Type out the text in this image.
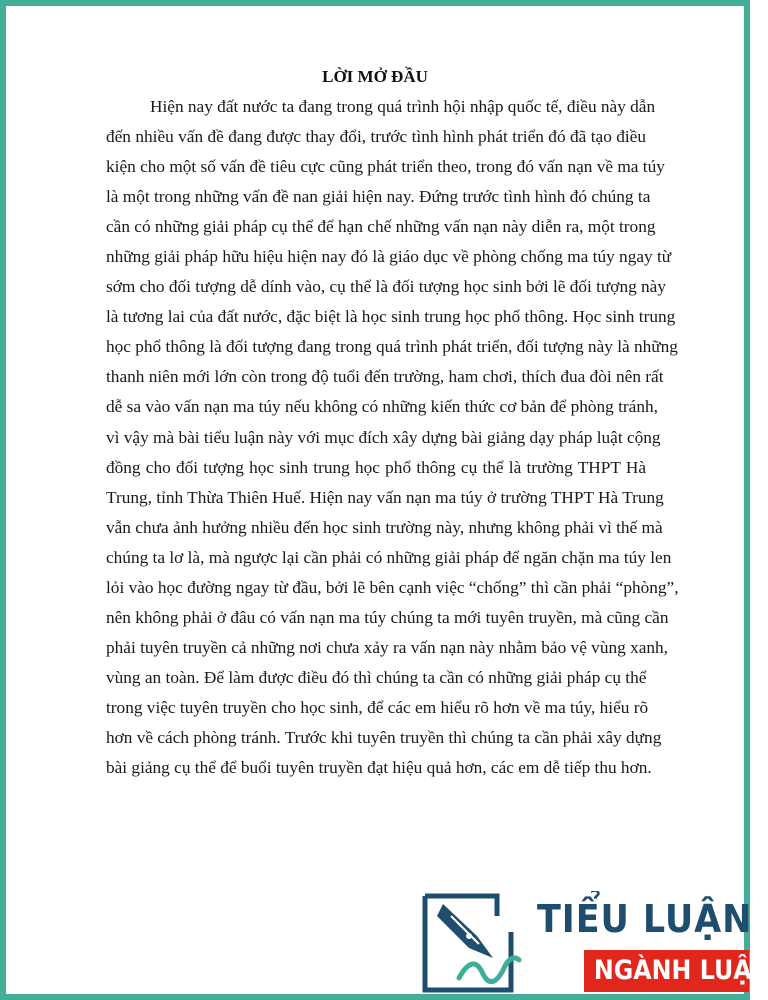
LỜI MỞ ĐẦU

Hiện nay đất nước ta đang trong quá trình hội nhập quốc tế, điều này dẫn
đến nhiều vấn đề đang được thay đổi, trước tình hình phát triển đó đã tạo điều
kiện cho một số vấn đề tiêu cực cũng phát triển theo, trong đó vấn nạn về ma túy
là một trong những vấn đề nan giải hiện nay. Đứng trước tình hình đó chúng ta
cần có những giải pháp cụ thể để hạn chế những vấn nạn này diễn ra, một trong
những giải pháp hữu hiệu hiện nay đó là giáo dục về phòng chống ma túy ngay từ
sớm cho đối tượng dễ dính vào, cụ thể là đối tượng học sinh bởi lẽ đối tượng này
là tương lai của đất nước, đặc biệt là học sinh trung học phổ thông. Học sinh trung
học phổ thông là đối tượng đang trong quá trình phát triển, đối tượng này là những
thanh niên mới lớn còn trong độ tuổi đến trường, ham chơi, thích đua đòi nên rất
dễ sa vào vấn nạn ma túy nếu không có những kiến thức cơ bản để phòng tránh,
vì vậy mà bài tiểu luận này với mục đích xây dựng bài giảng dạy pháp luật cộng
đồng cho đối tượng học sinh trung học phổ thông cụ thể là trường THPT Hà
Trung, tỉnh Thừa Thiên Huế. Hiện nay vấn nạn ma túy ở trường THPT Hà Trung
vẫn chưa ảnh hưởng nhiều đến học sinh trường này, nhưng không phải vì thế mà
chúng ta lơ là, mà ngược lại cần phải có những giải pháp để ngăn chặn ma túy len
lỏi vào học đường ngay từ đầu, bởi lẽ bên cạnh việc “chống” thì cần phải “phòng”,
nên không phải ở đâu có vấn nạn ma túy chúng ta mới tuyên truyền, mà cũng cần
phải tuyên truyền cả những nơi chưa xảy ra vấn nạn này nhằm bảo vệ vùng xanh,
vùng an toàn. Để làm được điều đó thì chúng ta cần có những giải pháp cụ thể
trong việc tuyên truyền cho học sinh, để các em hiểu rõ hơn về ma túy, hiểu rõ
hơn về cách phòng tránh. Trước khi tuyên truyền thì chúng ta cần phải xây dựng
bài giảng cụ thể để buổi tuyên truyền đạt hiệu quả hơn, các em dễ tiếp thu hơn.

TIỂU LUẬN
NGÀNH LUẬT
